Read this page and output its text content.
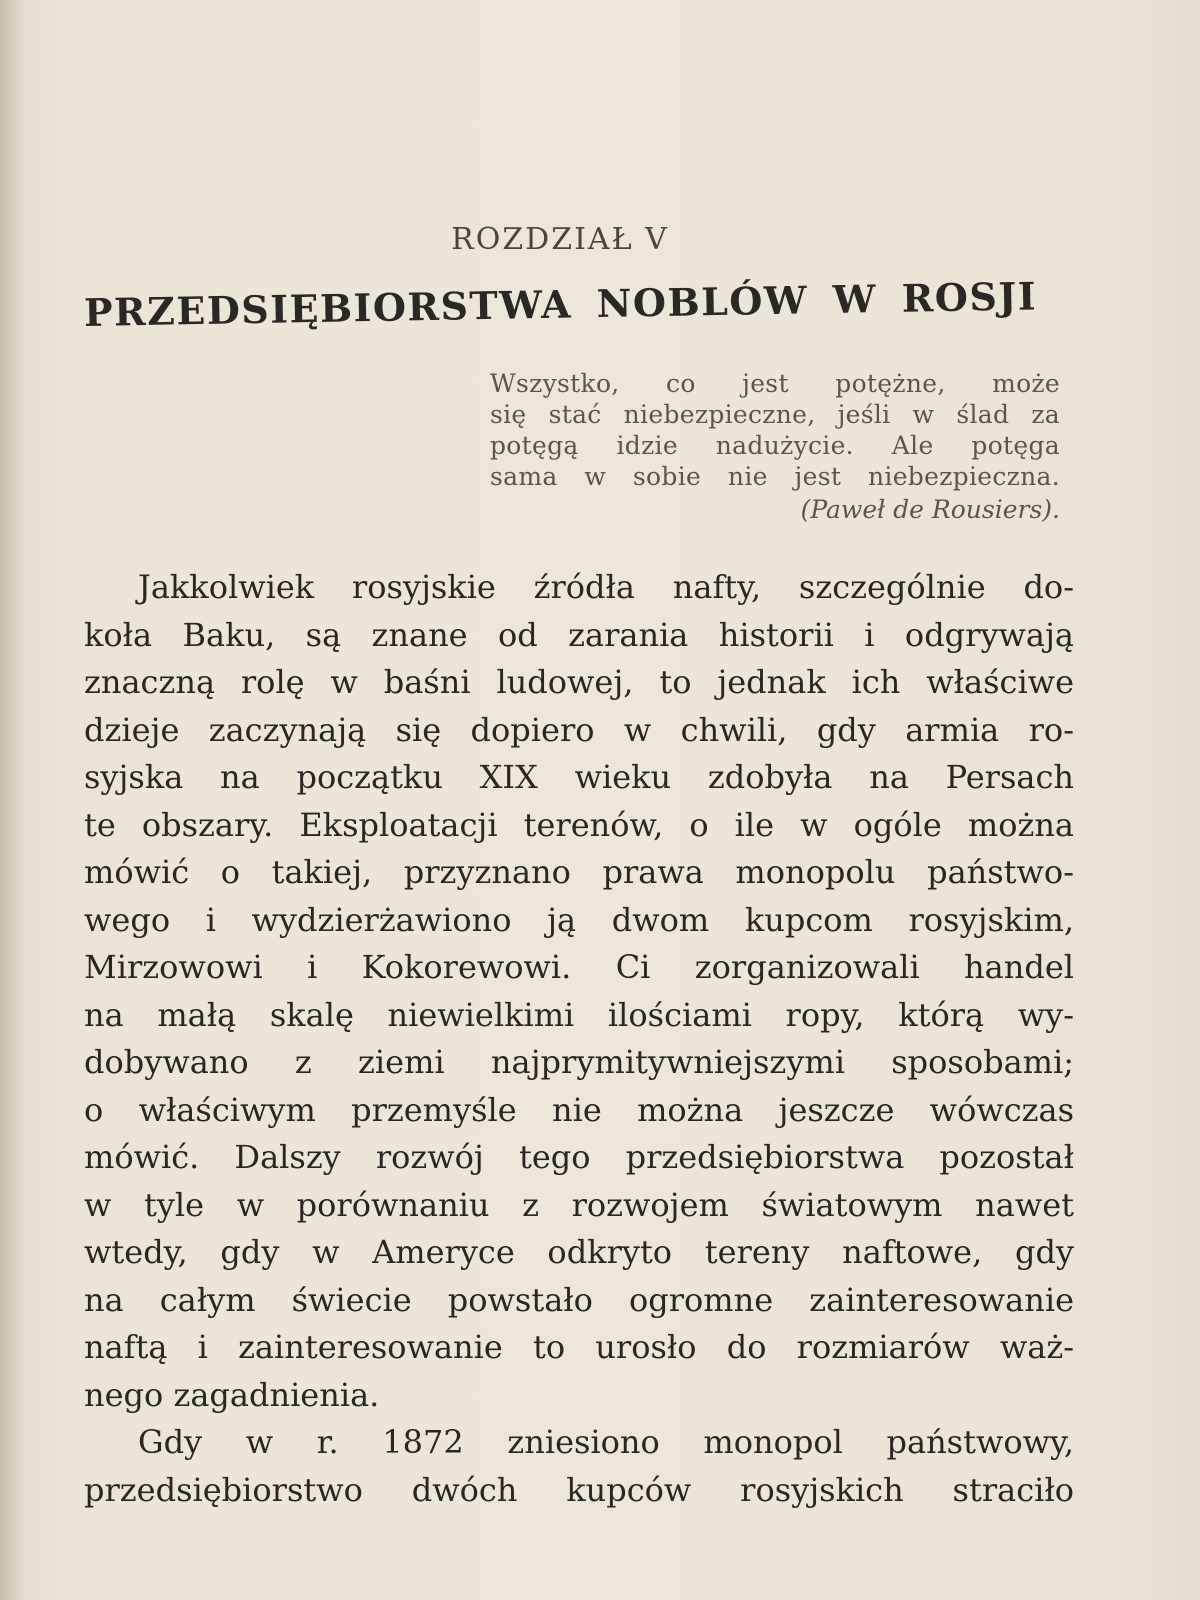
ROZDZIAŁ V
PRZEDSIĘBIORSTWA NOBLÓW W ROSJI
Wszystko, co jest potężne, może
się stać niebezpieczne, jeśli w ślad za
potęgą idzie nadużycie. Ale potęga
sama w sobie nie jest niebezpieczna.
(Paweł de Rousiers).
Jakkolwiek rosyjskie źródła nafty, szczególnie do-
koła Baku, są znane od zarania historii i odgrywają
znaczną rolę w baśni ludowej, to jednak ich właściwe
dzieje zaczynają się dopiero w chwili, gdy armia ro-
syjska na początku XIX wieku zdobyła na Persach
te obszary. Eksploatacji terenów, o ile w ogóle można
mówić o takiej, przyznano prawa monopolu państwo-
wego i wydzierżawiono ją dwom kupcom rosyjskim,
Mirzowowi i Kokorewowi. Ci zorganizowali handel
na małą skalę niewielkimi ilościami ropy, którą wy-
dobywano z ziemi najprymitywniejszymi sposobami;
o właściwym przemyśle nie można jeszcze wówczas
mówić. Dalszy rozwój tego przedsiębiorstwa pozostał
w tyle w porównaniu z rozwojem światowym nawet
wtedy, gdy w Ameryce odkryto tereny naftowe, gdy
na całym świecie powstało ogromne zainteresowanie
naftą i zainteresowanie to urosło do rozmiarów waż-
nego zagadnienia.
Gdy w r. 1872 zniesiono monopol państwowy,
przedsiębiorstwo dwóch kupców rosyjskich straciło
